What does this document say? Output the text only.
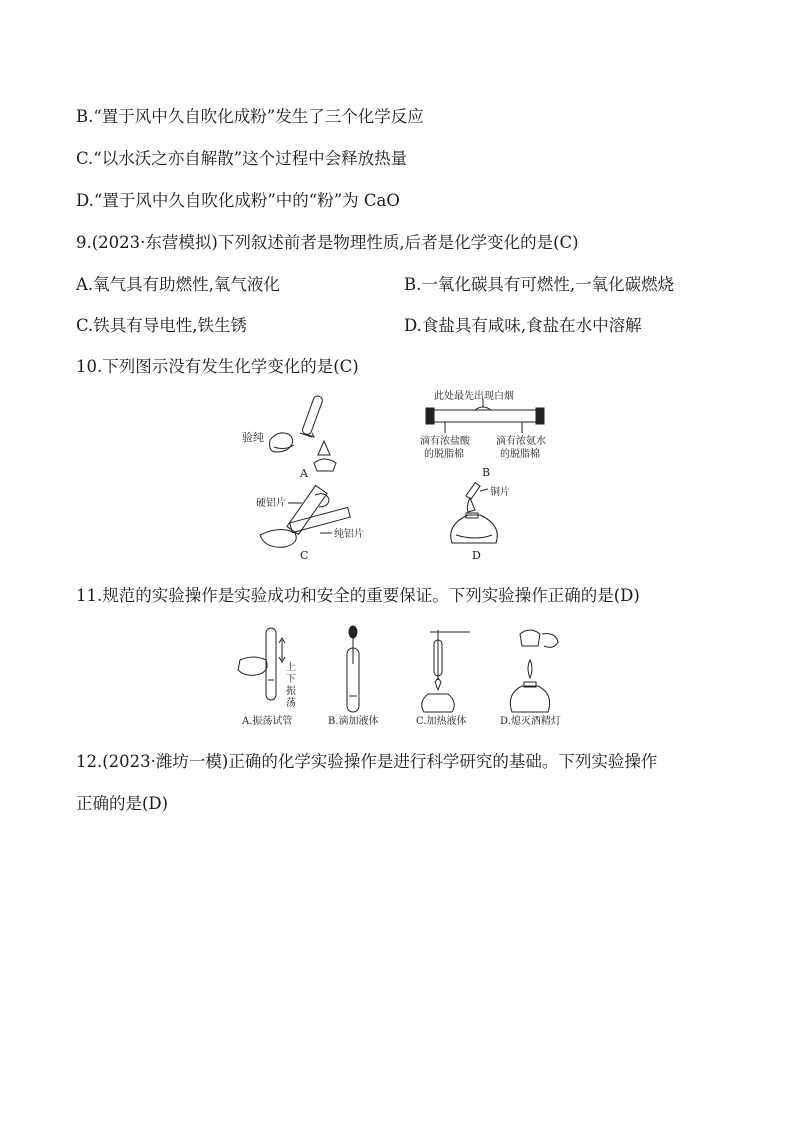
B.“置于风中久自吹化成粉”发生了三个化学反应
C.“以水沃之亦自解散”这个过程中会释放热量
D.“置于风中久自吹化成粉”中的“粉”为 CaO
9.(2023·东营模拟)下列叙述前者是物理性质,后者是化学变化的是(C)
A.氧气具有助燃性,氧气液化	B.一氧化碳具有可燃性,一氧化碳燃烧
C.铁具有导电性,铁生锈	D.食盐具有咸味,食盐在水中溶解
10.下列图示没有发生化学变化的是(C)
验纯
A
此处最先出现白烟
滴有浓盐酸
的脱脂棉
滴有浓氨水
的脱脂棉
B
硬铝片
纯铝片
C
铜片
D
11.规范的实验操作是实验成功和安全的重要保证。下列实验操作正确的是(D)
上
下
振
荡
A.振荡试管	B.滴加液体	C.加热液体	D.熄灭酒精灯
12.(2023·潍坊一模)正确的化学实验操作是进行科学研究的基础。下列实验操作
正确的是(D)
